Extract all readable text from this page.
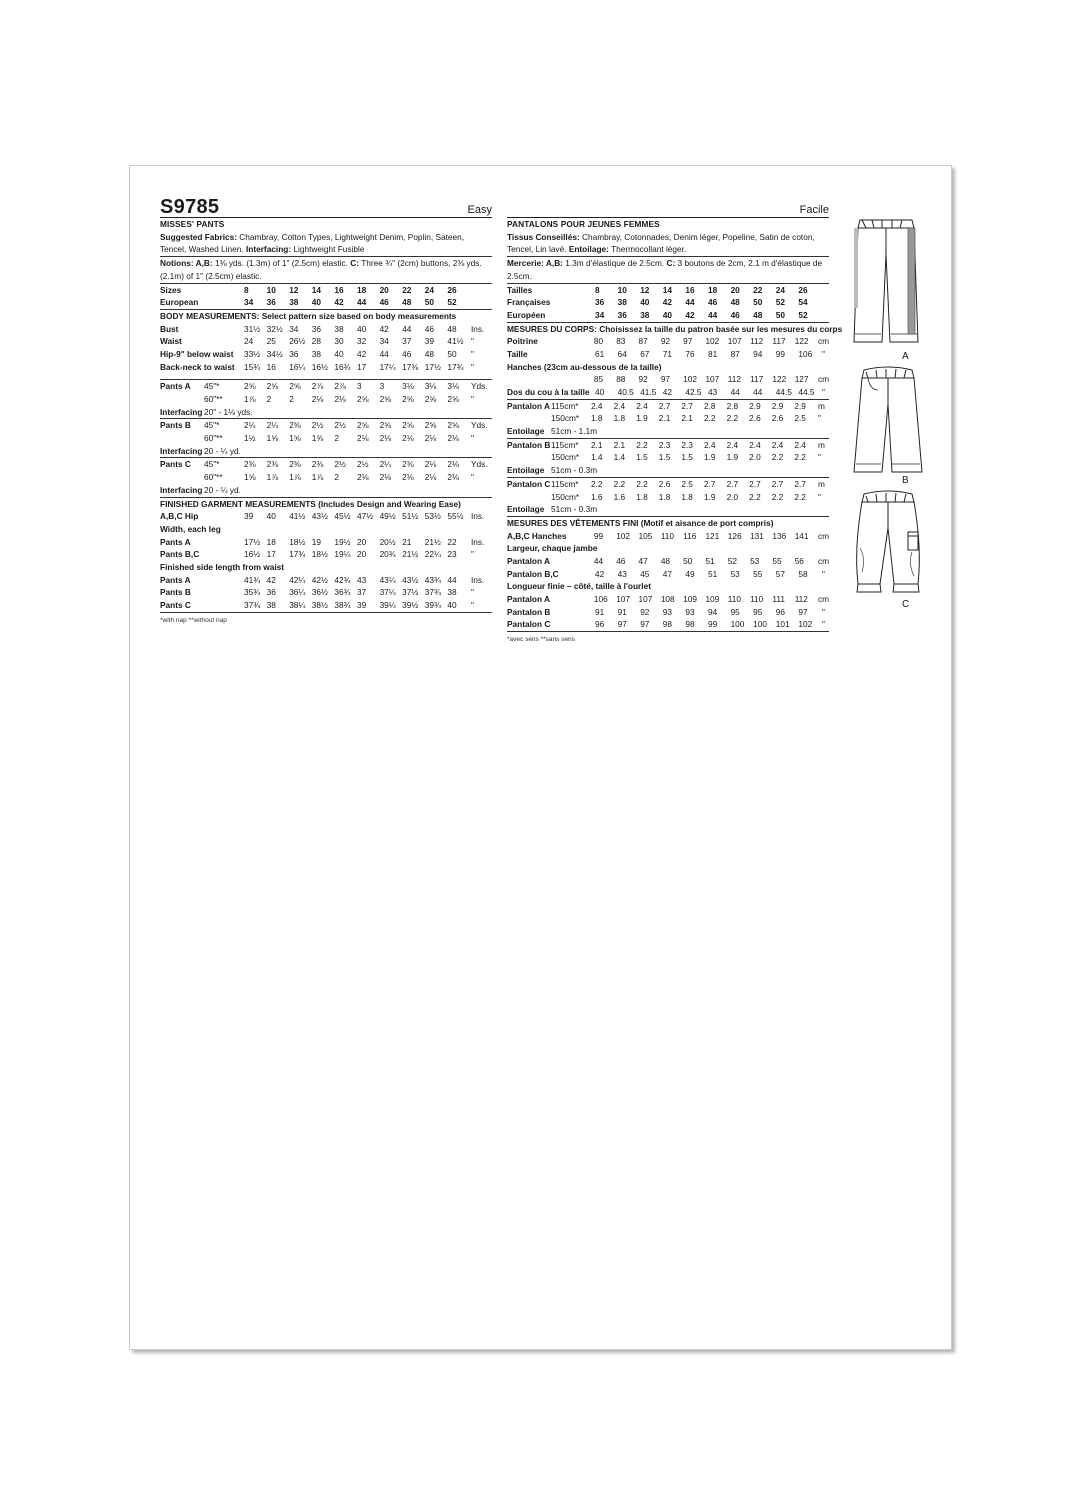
S9785	Easy
MISSES' PANTS
Suggested Fabrics: Chambray, Cotton Types, Lightweight Denim, Poplin, Sateen, Tencel, Washed Linen. Interfacing: Lightweight Fusible
Notions: A,B: 1⅜ yds. (1.3m) of 1" (2.5cm) elastic. C: Three ¾" (2cm) buttons, 2⅜ yds. (2.1m) of 1" (2.5cm) elastic.
Sizes	8	10	12	14	16	18	20	22	24	26
European	34	36	38	40	42	44	46	48	50	52
BODY MEASUREMENTS: Select pattern size based on body measurements
Bust	31½ 32½ 34	36	38	40	42	44	46	48	Ins.
Waist	24	25	26½ 28	30	32	34	37	39	41½ "
Hip-9" below waist	33½ 34½ 36	38	40	42	44	46	48	50	"
Back-neck to waist	15¾ 16	16¼ 16½ 16¾ 17	17¼ 17⅜ 17½ 17¾ "
Pants A	45"*	2⅝	2⅝	2⅝	2⅞	2⅞	3	3	3⅛	3⅛	3⅛	Yds.
60"**	1⅞	2	2	2⅛	2⅛	2⅝	2⅝	2⅝	2⅝	2⅝	"
Interfacing 20" - 1⅛ yds.
Pants B	45"*	2¼	2¼	2⅜	2½	2½	2⅝	2⅝	2⅝	2⅝	2⅝	Yds.
60"**	1½	1⅝	1⅝	1⅝	2	2⅛	2⅛	2⅛	2⅛	2⅛	"
Interfacing 20 - ¼ yd.
Pants C	45"*	2⅜	2⅜	2⅜	2⅜	2½	2½	2¼	2⅜	2⅛	2⅛	Yds.
60"**	1⅝	1⅞	1⅞	1⅞	2	2⅛	2⅛	2⅛	2⅛	2⅛	"
Interfacing 20 - ¼ yd.
FINISHED GARMENT MEASUREMENTS (Includes Design and Wearing Ease)
A,B,C Hip	39	40	41½ 43½ 45½ 47½ 49½ 51½ 53½ 55½ Ins.
Width, each leg
Pants A	17½ 18	18½ 19	19½ 20	20½ 21	21½ 22	Ins.
Pants B,C	16½ 17	17¾ 18½ 19¼ 20	20¾ 21½ 22¼ 23	"
Finished side length from waist
Pants A	41¾ 42	42¼ 42½ 42¾ 43	43¼ 43½ 43¾ 44	Ins.
Pants B	35¾ 36	36¼ 36½ 36¾ 37	37¼ 37½ 37¾ 38	"
Pants C	37¾ 38	38¼ 38½ 38¾ 39	39¼ 39½ 39¾ 40	"
*with nap **without nap
Facile
PANTALONS POUR JEUNES FEMMES
Tissus Conseillés: Chambray, Cotonnades, Denim léger, Popeline, Satin de coton, Tencel, Lin lavé. Entoilage: Thermocollant léger.
Mercerie: A,B: 1.3m d'élastique de 2.5cm. C: 3 boutons de 2cm, 2.1 m d'élastique de 2.5cm.
Tailles	8	10	12	14	16	18	20	22	24	26
Françaises	36	38	40	42	44	46	48	50	52	54
Européen	34	36	38	40	42	44	46	48	50	52
MESURES DU CORPS: Choisissez la taille du patron basée sur les mesures du corps
Poitrine	80	83	87	92	97	102	107	112	117	122	cm
Taille	61	64	67	71	76	81	87	94	99	106	"
Hanches (23cm au-dessous de la taille)
85	88	92	97	102	107	112	117	122	127	cm
Dos du cou à la taille 40	40.5 41.5 42	42.5 43	44	44	44.5 44.5 "
Pantalon A 115cm*	2.4	2.4	2.4	2.7	2.7	2.8	2.8	2.9	2.9	2.9	m
150cm*	1.8	1.8	1.9	2.1	2.1	2.2	2.2	2.6	2.6	2.5	"
Entoilage 51cm - 1.1m
Pantalon B 115cm*	2.1	2.1	2.2	2.3	2.3	2.4	2.4	2.4	2.4	2.4	m
150cm*	1.4	1.4	1.5	1.5	1.5	1.9	1.9	2.0	2.2	2.2	"
Entoilage 51cm - 0.3m
Pantalon C 115cm*	2.2	2.2	2.2	2.6	2.5	2.7	2.7	2.7	2.7	2.7	m
150cm*	1.6	1.6	1.8	1.8	1.8	1.9	2.0	2.2	2.2	2.2	"
Entoilage 51cm - 0.3m
MESURES DES VÊTEMENTS FINI (Motif et aisance de port compris)
A,B,C Hanches	99	102	105	110	116	121	126	131	136	141	cm
Largeur, chaque jambe
Pantalon A	44	46	47	48	50	51	52	53	55	56	cm
Pantalon B,C	42	43	45	47	49	51	53	55	57	58	"
Longueur finie – côté, taille à l'ourlet
Pantalon A	106	107	107	108	109	109	110	110	111	112	cm
Pantalon B	91	91	92	93	93	94	95	95	96	97	"
Pantalon C	96	97	97	98	98	99	100	100	101	102	"
*avec sens **sans sens
A
B
C
